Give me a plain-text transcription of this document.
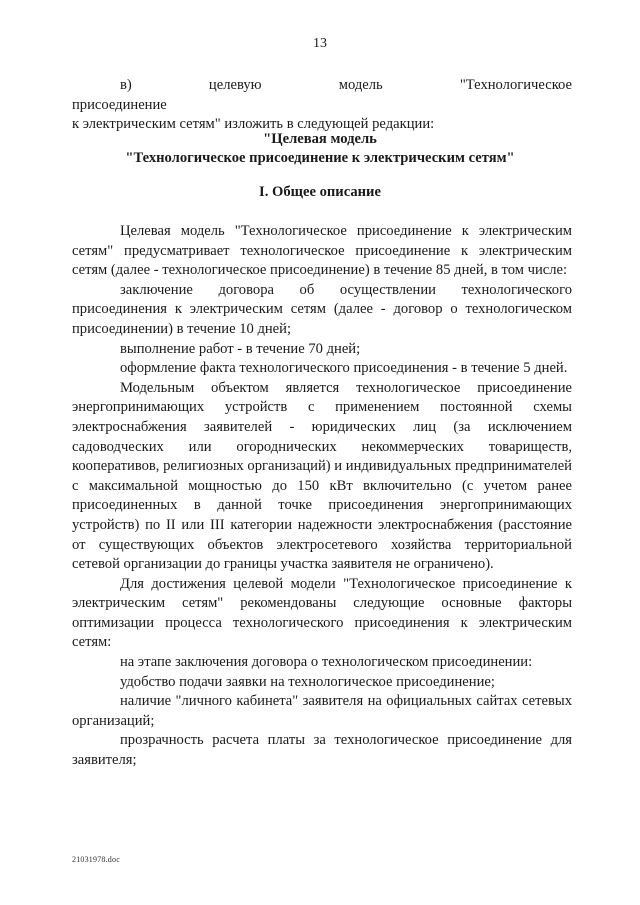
13

в) целевую модель "Технологическое присоединение

к электрическим сетям" изложить в следующей редакции:

"Целевая модель
"Технологическое присоединение к электрическим сетям"
I. Общее описание

Целевая модель "Технологическое присоединение к электрическим сетям" предусматривает технологическое присоединение к электрическим сетям (далее - технологическое присоединение) в течение 85 дней, в том числе:

заключение договора об осуществлении технологического присоединения к электрическим сетям (далее - договор о технологическом присоединении) в течение 10 дней;

выполнение работ - в течение 70 дней;

оформление факта технологического присоединения - в течение 5 дней.

Модельным объектом является технологическое присоединение энергопринимающих устройств с применением постоянной схемы электроснабжения заявителей - юридических лиц (за исключением садоводческих или огороднических некоммерческих товариществ, кооперативов, религиозных организаций) и индивидуальных предпринимателей с максимальной мощностью до 150 кВт включительно (с учетом ранее присоединенных в данной точке присоединения энергопринимающих устройств) по II или III категории надежности электроснабжения (расстояние от существующих объектов электросетевого хозяйства территориальной сетевой организации до границы участка заявителя не ограничено).

Для достижения целевой модели "Технологическое присоединение к электрическим сетям" рекомендованы следующие основные факторы оптимизации процесса технологического присоединения к электрическим сетям:

на этапе заключения договора о технологическом присоединении:

удобство подачи заявки на технологическое присоединение;

наличие "личного кабинета" заявителя на официальных сайтах сетевых организаций;

прозрачность расчета платы за технологическое присоединение для заявителя;

21031978.doc
